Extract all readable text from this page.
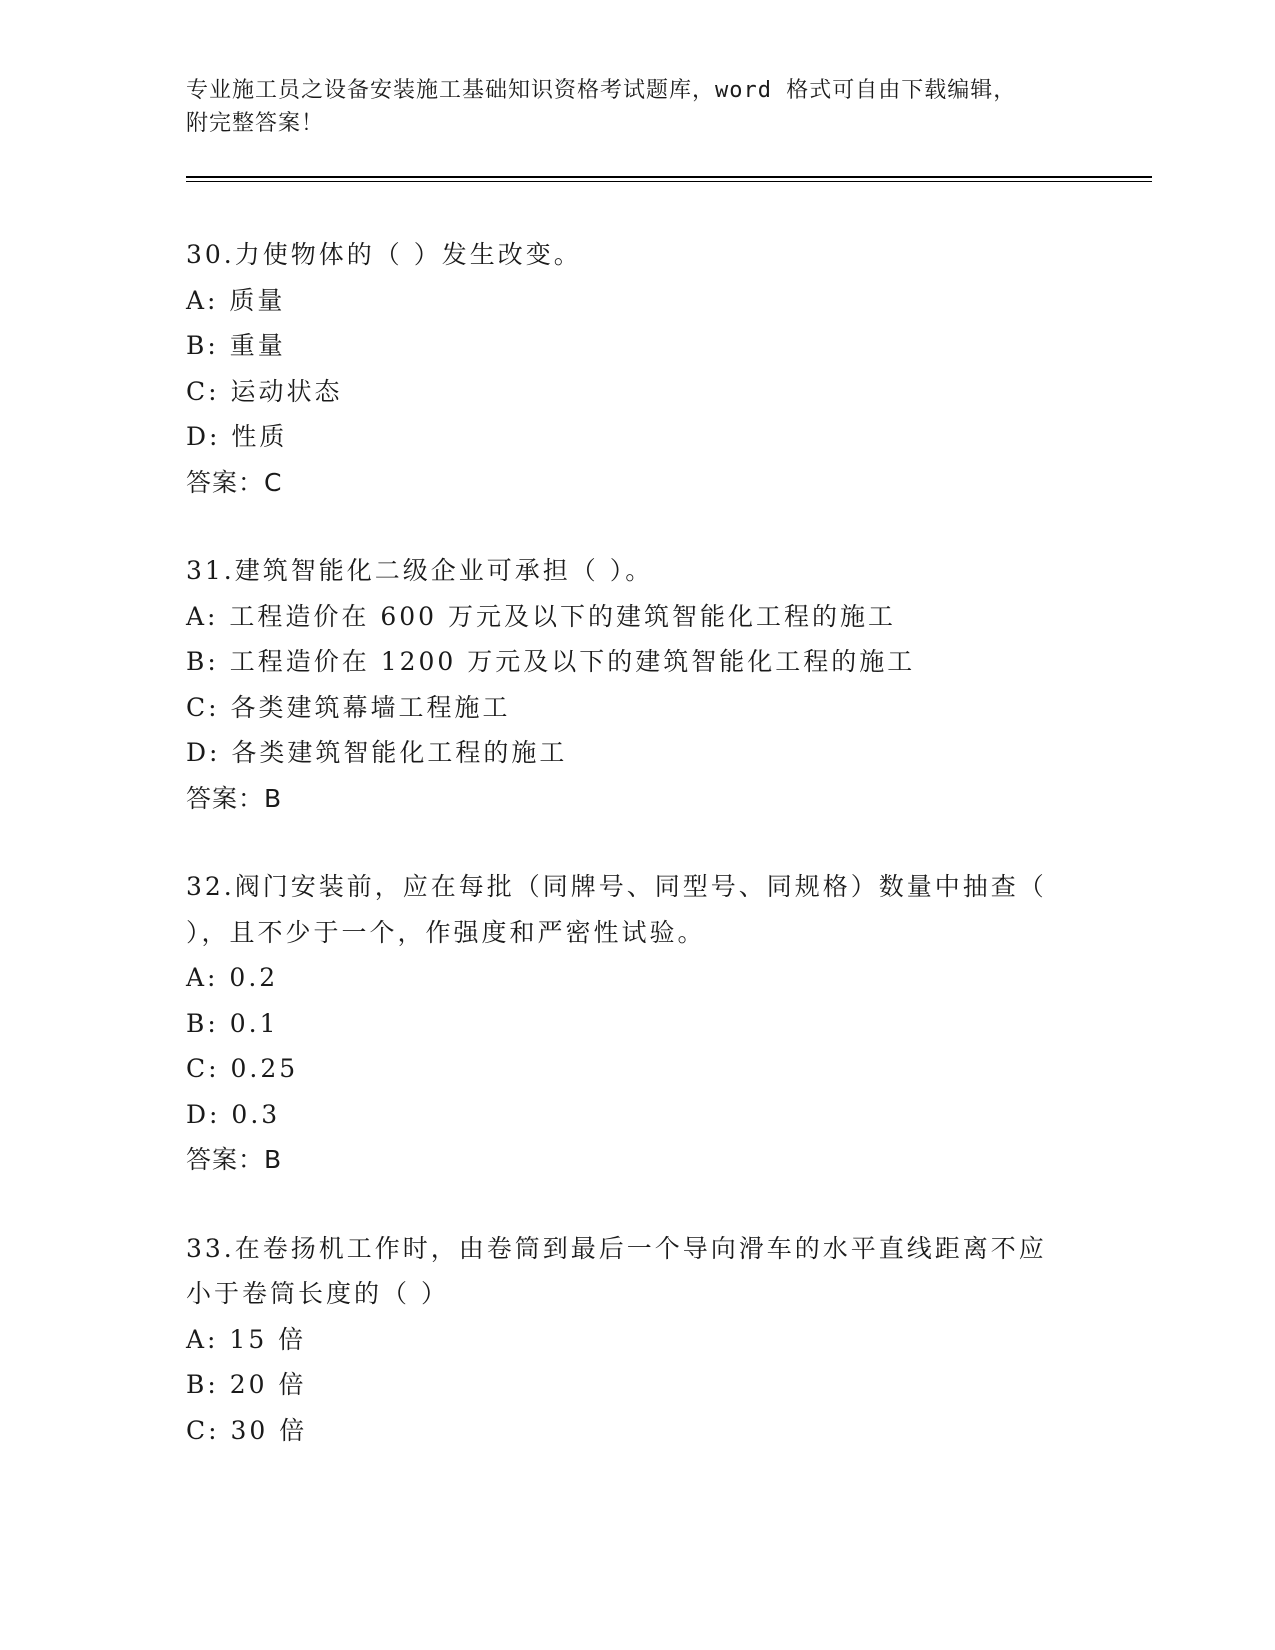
专业施工员之设备安装施工基础知识资格考试题库，word 格式可自由下载编辑，
附完整答案！
30.力使物体的（ ）发生改变。
A: 质量
B: 重量
C: 运动状态
D: 性质
答案：C
31.建筑智能化二级企业可承担（ ）。
A: 工程造价在 600 万元及以下的建筑智能化工程的施工
B: 工程造价在 1200 万元及以下的建筑智能化工程的施工
C: 各类建筑幕墙工程施工
D: 各类建筑智能化工程的施工
答案：B
32.阀门安装前，应在每批（同牌号、同型号、同规格）数量中抽查（
），且不少于一个，作强度和严密性试验。
A: 0.2
B: 0.1
C: 0.25
D: 0.3
答案：B
33.在卷扬机工作时，由卷筒到最后一个导向滑车的水平直线距离不应
小于卷筒长度的（ ）
A: 15 倍
B: 20 倍
C: 30 倍
